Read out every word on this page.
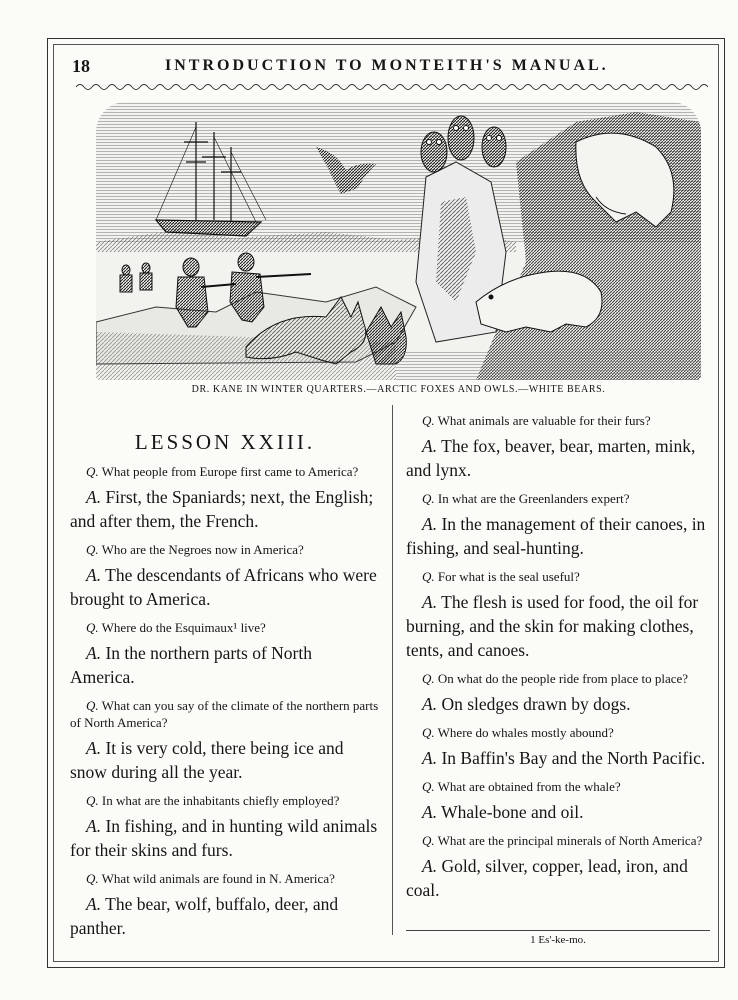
18	INTRODUCTION TO MONTEITH'S MANUAL.
DR. KANE IN WINTER QUARTERS.—ARCTIC FOXES AND OWLS.—WHITE BEARS.
LESSON XXIII.
Q. What people from Europe first came to America?
A. First, the Spaniards; next, the English; and after them, the French.
Q. Who are the Negroes now in America?
A. The descendants of Africans who were brought to America.
Q. Where do the Esquimaux¹ live?
A. In the northern parts of North America.
Q. What can you say of the climate of the northern parts of North America?
A. It is very cold, there being ice and snow during all the year.
Q. In what are the inhabitants chiefly employed?
A. In fishing, and in hunting wild animals for their skins and furs.
Q. What wild animals are found in N. America?
A. The bear, wolf, buffalo, deer, and panther.
Q. What animals are valuable for their furs?
A. The fox, beaver, bear, marten, mink, and lynx.
Q. In what are the Greenlanders expert?
A. In the management of their canoes, in fishing, and seal-hunting.
Q. For what is the seal useful?
A. The flesh is used for food, the oil for burning, and the skin for making clothes, tents, and canoes.
Q. On what do the people ride from place to place?
A. On sledges drawn by dogs.
Q. Where do whales mostly abound?
A. In Baffin's Bay and the North Pacific.
Q. What are obtained from the whale?
A. Whale-bone and oil.
Q. What are the principal minerals of North America?
A. Gold, silver, copper, lead, iron, and coal.
1 Es'-ke-mo.
